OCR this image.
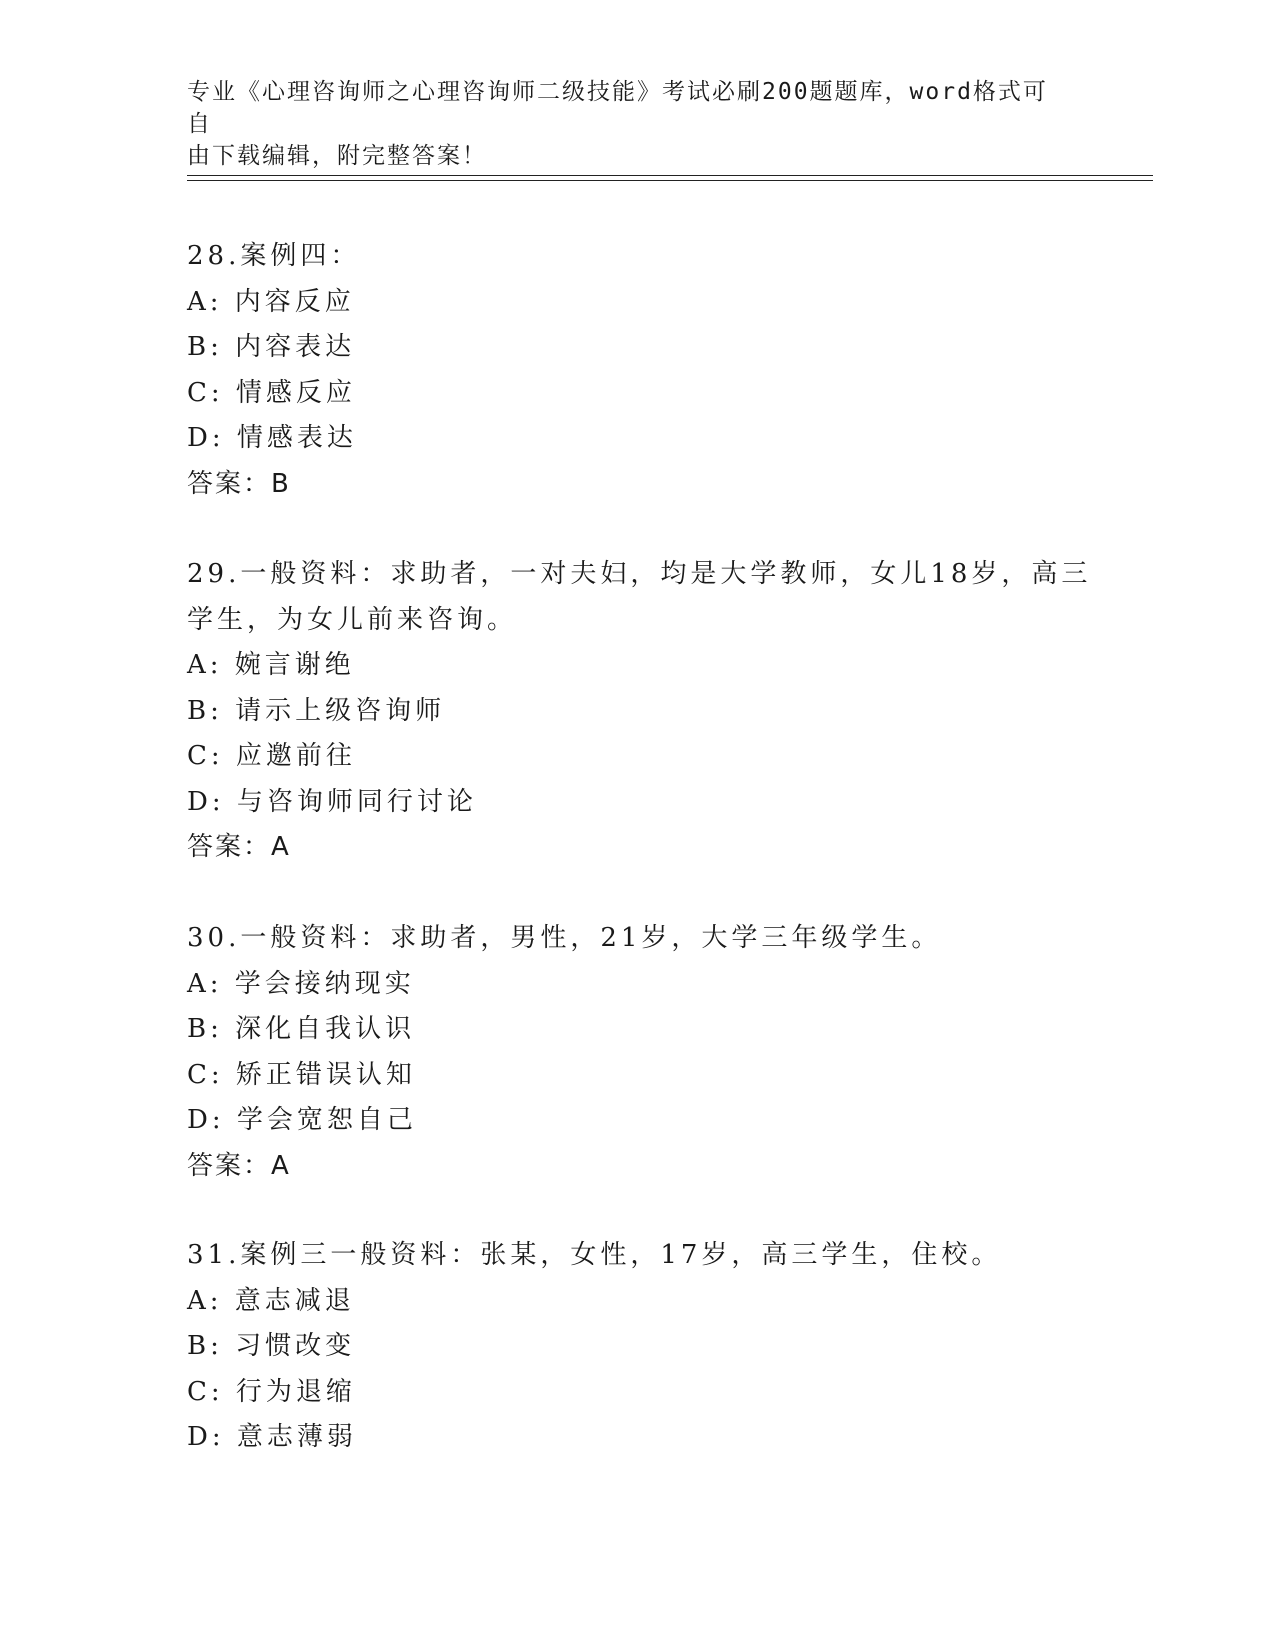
专业《心理咨询师之心理咨询师二级技能》考试必刷200题题库，word格式可自

由下载编辑，附完整答案！

28.案例四：

A: 内容反应

B: 内容表达

C: 情感反应

D: 情感表达

答案：B

29.一般资料：求助者，一对夫妇，均是大学教师，女儿18岁，高三

学生，为女儿前来咨询。

A: 婉言谢绝

B: 请示上级咨询师

C: 应邀前往

D: 与咨询师同行讨论

答案：A

30.一般资料：求助者，男性，21岁，大学三年级学生。

A: 学会接纳现实

B: 深化自我认识

C: 矫正错误认知

D: 学会宽恕自己

答案：A

31.案例三一般资料：张某，女性，17岁，高三学生，住校。

A: 意志减退

B: 习惯改变

C: 行为退缩

D: 意志薄弱
